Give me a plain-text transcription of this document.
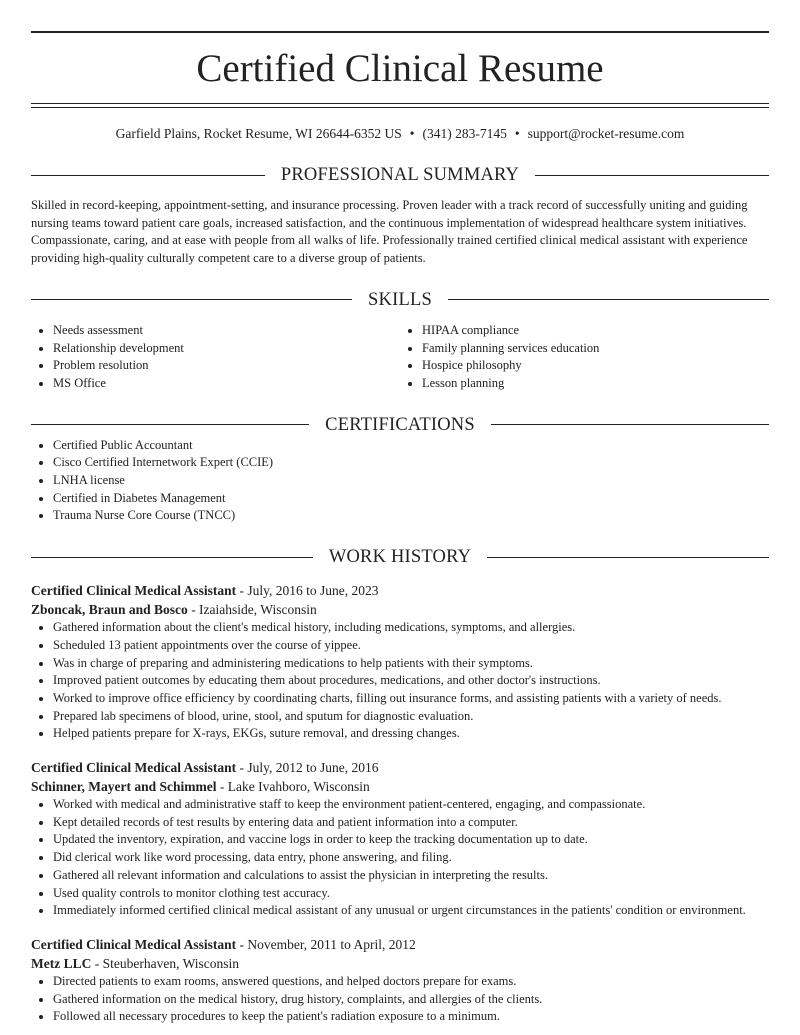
Certified Clinical Resume
Garfield Plains, Rocket Resume, WI 26644-6352 US • (341) 283-7145 • support@rocket-resume.com
PROFESSIONAL SUMMARY
Skilled in record-keeping, appointment-setting, and insurance processing. Proven leader with a track record of successfully uniting and guiding nursing teams toward patient care goals, increased satisfaction, and the continuous implementation of widespread healthcare system initiatives. Compassionate, caring, and at ease with people from all walks of life. Professionally trained certified clinical medical assistant with experience providing high-quality culturally competent care to a diverse group of patients.
SKILLS
• Needs assessment
• Relationship development
• Problem resolution
• MS Office
• HIPAA compliance
• Family planning services education
• Hospice philosophy
• Lesson planning
CERTIFICATIONS
• Certified Public Accountant
• Cisco Certified Internetwork Expert (CCIE)
• LNHA license
• Certified in Diabetes Management
• Trauma Nurse Core Course (TNCC)
WORK HISTORY
Certified Clinical Medical Assistant - July, 2016 to June, 2023
Zboncak, Braun and Bosco - Izaiahside, Wisconsin
• Gathered information about the client's medical history, including medications, symptoms, and allergies.
• Scheduled 13 patient appointments over the course of yippee.
• Was in charge of preparing and administering medications to help patients with their symptoms.
• Improved patient outcomes by educating them about procedures, medications, and other doctor's instructions.
• Worked to improve office efficiency by coordinating charts, filling out insurance forms, and assisting patients with a variety of needs.
• Prepared lab specimens of blood, urine, stool, and sputum for diagnostic evaluation.
• Helped patients prepare for X-rays, EKGs, suture removal, and dressing changes.
Certified Clinical Medical Assistant - July, 2012 to June, 2016
Schinner, Mayert and Schimmel - Lake Ivahboro, Wisconsin
• Worked with medical and administrative staff to keep the environment patient-centered, engaging, and compassionate.
• Kept detailed records of test results by entering data and patient information into a computer.
• Updated the inventory, expiration, and vaccine logs in order to keep the tracking documentation up to date.
• Did clerical work like word processing, data entry, phone answering, and filing.
• Gathered all relevant information and calculations to assist the physician in interpreting the results.
• Used quality controls to monitor clothing test accuracy.
• Immediately informed certified clinical medical assistant of any unusual or urgent circumstances in the patients' condition or environment.
Certified Clinical Medical Assistant - November, 2011 to April, 2012
Metz LLC - Steuberhaven, Wisconsin
• Directed patients to exam rooms, answered questions, and helped doctors prepare for exams.
• Gathered information on the medical history, drug history, complaints, and allergies of the clients.
• Followed all necessary procedures to keep the patient's radiation exposure to a minimum.
